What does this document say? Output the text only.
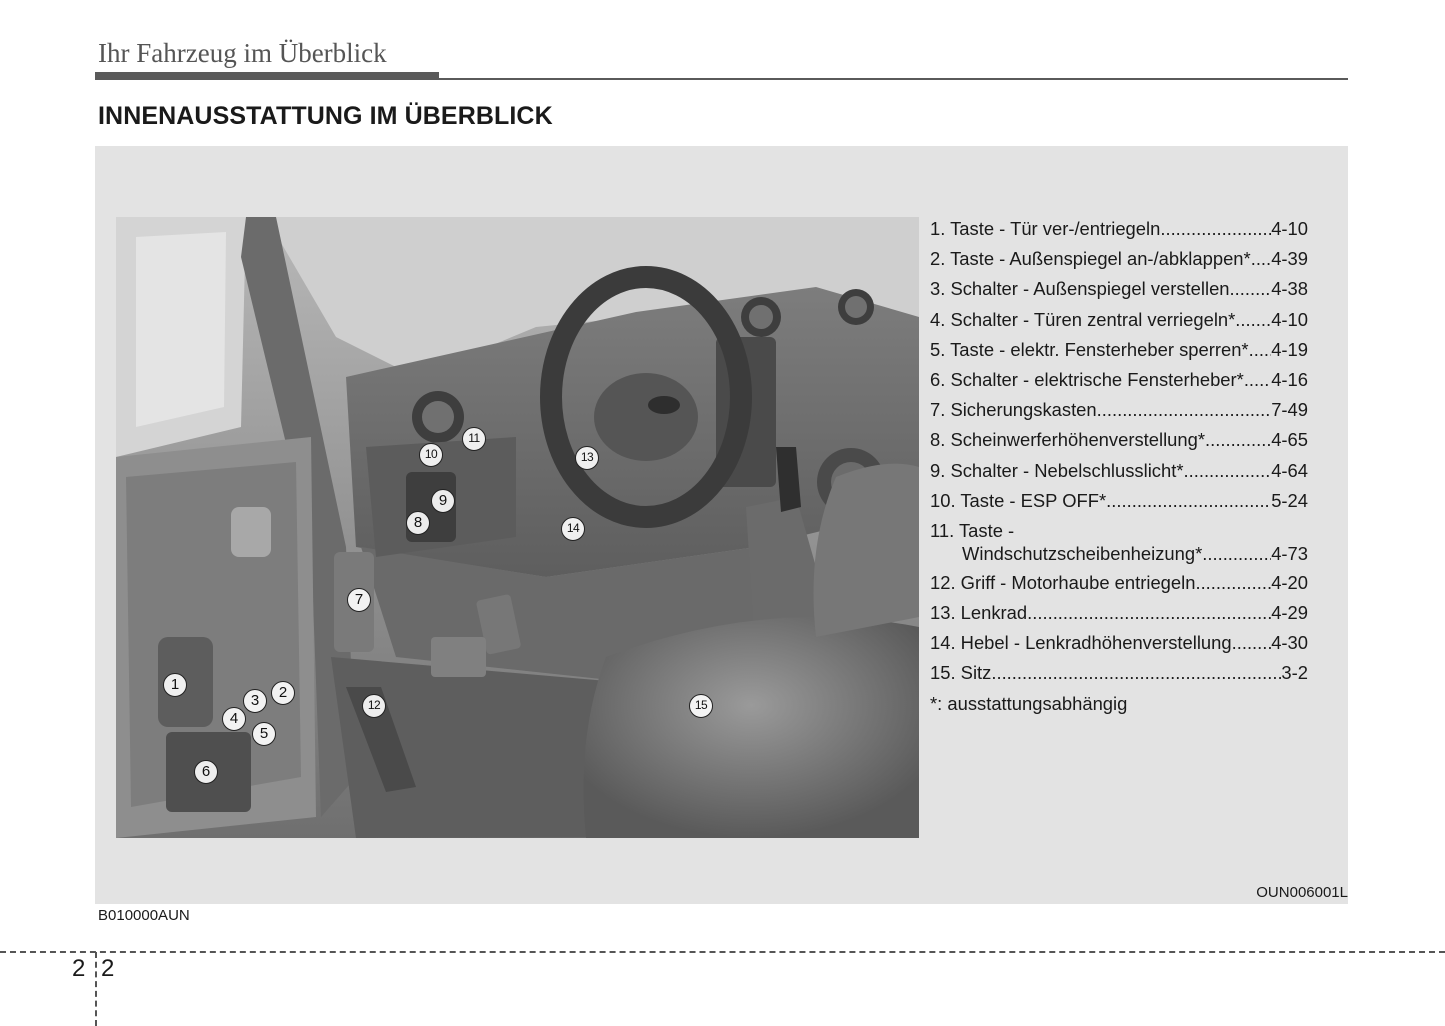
Ihr Fahrzeug im Überblick
INNENAUSSTATTUNG IM ÜBERBLICK
1	2
3
4
5
6
7
8
9
10
11
12
13
14
15
1. Taste - Tür ver-/entriegeln .....	4-10
2. Taste - Außenspiegel an-/abklappen* ..... 4-39
3. Schalter - Außenspiegel verstellen ..... 4-38
4. Schalter - Türen zentral verriegeln* ..... 4-10
5. Taste - elektr. Fensterheber sperren* ..... 4-19
6. Schalter - elektrische Fensterheber* ..... 4-16
7. Sicherungskasten .....	7-49
8. Scheinwerferhöhenverstellung* .....	4-65
9. Schalter - Nebelschlusslicht* .....	4-64
10. Taste - ESP OFF* .....	5-24
11. Taste -
Windschutzscheibenheizung* .....	4-73
12. Griff - Motorhaube entriegeln .....	4-20
13. Lenkrad .....	4-29
14. Hebel - Lenkradhöhenverstellung ..... 4-30
15. Sitz .....	3-2
*: ausstattungsabhängig
OUN006001L
B010000AUN
2 2
